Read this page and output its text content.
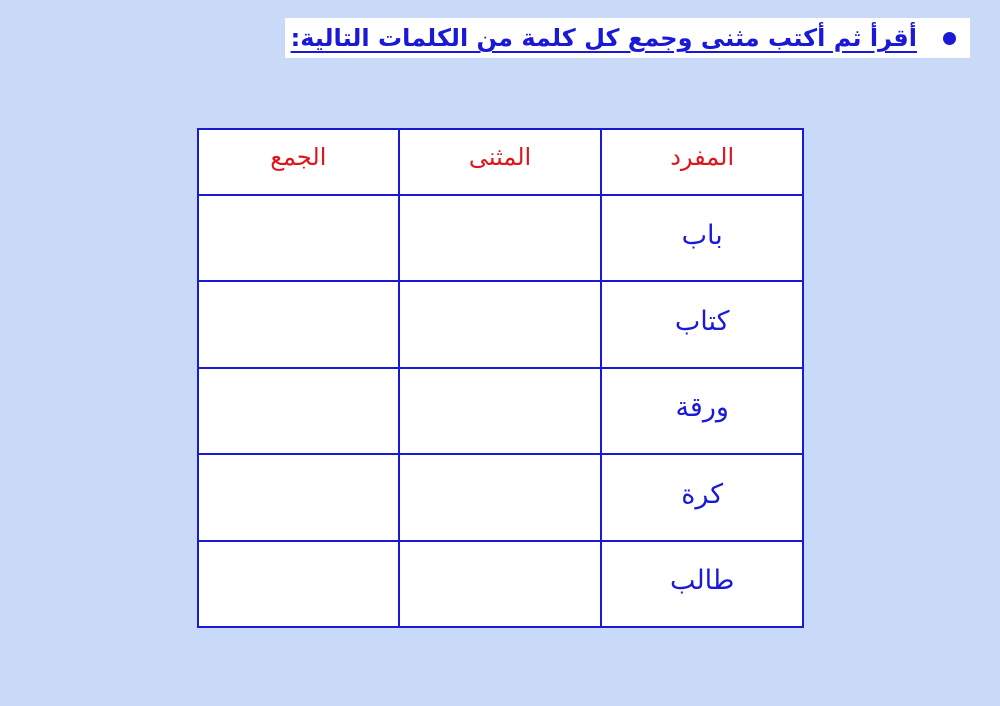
أقرأ ثم أكتب مثنى وجمع كل كلمة من الكلمات التالية:
المفرد	المثنى	الجمع
باب		
كتاب		
ورقة		
كرة		
طالب		
